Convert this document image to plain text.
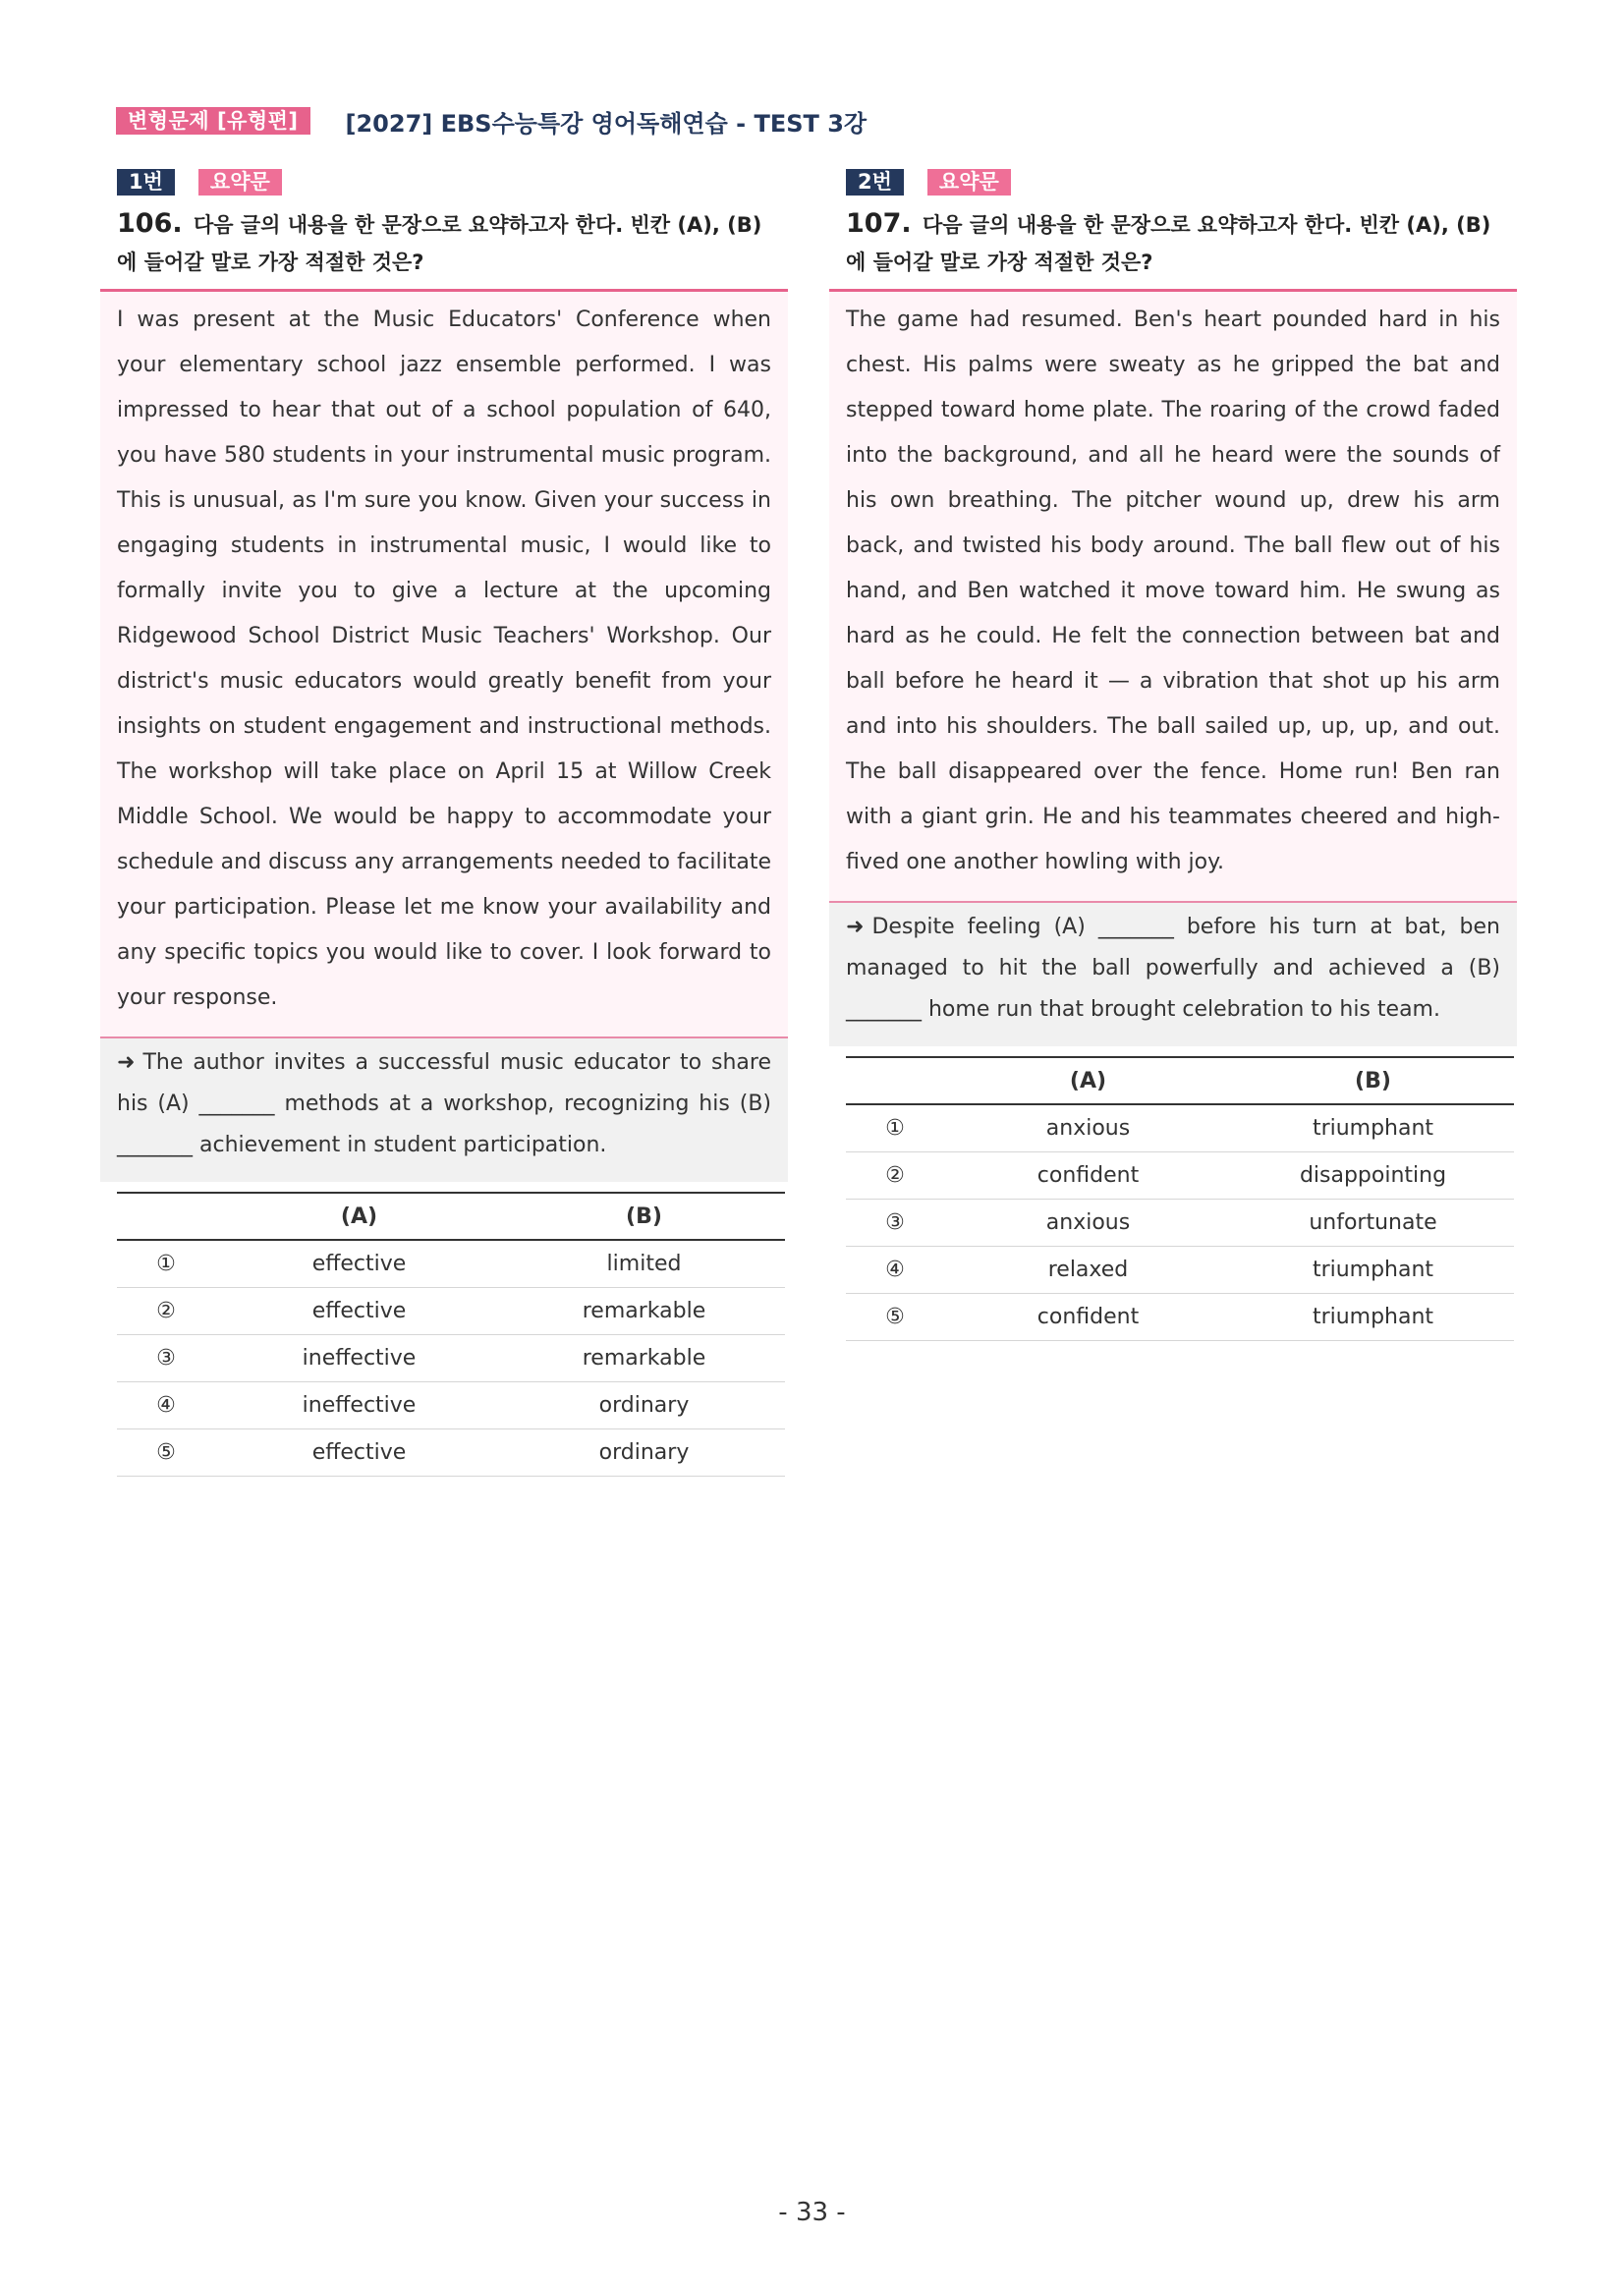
변형문제 [유형편]	[2027] EBS수능특강 영어독해연습 - TEST 3강
1번	요약문
106. 다음 글의 내용을 한 문장으로 요약하고자 한다. 빈칸 (A), (B)에 들어갈 말로 가장 적절한 것은?
I was present at the Music Educators' Conference when your elementary school jazz ensemble performed. I was impressed to hear that out of a school population of 640, you have 580 students in your instrumental music program. This is unusual, as I'm sure you know. Given your success in engaging students in instrumental music, I would like to formally invite you to give a lecture at the upcoming Ridgewood School District Music Teachers' Workshop. Our district's music educators would greatly benefit from your insights on student engagement and instructional methods. The workshop will take place on April 15 at Willow Creek Middle School. We would be happy to accommodate your schedule and discuss any arrangements needed to facilitate your participation. Please let me know your availability and any specific topics you would like to cover. I look forward to your response.
➜ The author invites a successful music educator to share his (A) _______ methods at a workshop, recognizing his (B) _______ achievement in student participation.
	(A)	(B)
①	effective	limited
②	effective	remarkable
③	ineffective	remarkable
④	ineffective	ordinary
⑤	effective	ordinary
2번	요약문
107. 다음 글의 내용을 한 문장으로 요약하고자 한다. 빈칸 (A), (B)에 들어갈 말로 가장 적절한 것은?
The game had resumed. Ben's heart pounded hard in his chest. His palms were sweaty as he gripped the bat and stepped toward home plate. The roaring of the crowd faded into the background, and all he heard were the sounds of his own breathing. The pitcher wound up, drew his arm back, and twisted his body around. The ball flew out of his hand, and Ben watched it move toward him. He swung as hard as he could. He felt the connection between bat and ball before he heard it — a vibration that shot up his arm and into his shoulders. The ball sailed up, up, up, and out. The ball disappeared over the fence. Home run! Ben ran with a giant grin. He and his teammates cheered and high-fived one another howling with joy.
➜ Despite feeling (A) _______ before his turn at bat, ben managed to hit the ball powerfully and achieved a (B) _______ home run that brought celebration to his team.
	(A)	(B)
①	anxious	triumphant
②	confident	disappointing
③	anxious	unfortunate
④	relaxed	triumphant
⑤	confident	triumphant
- 33 -
